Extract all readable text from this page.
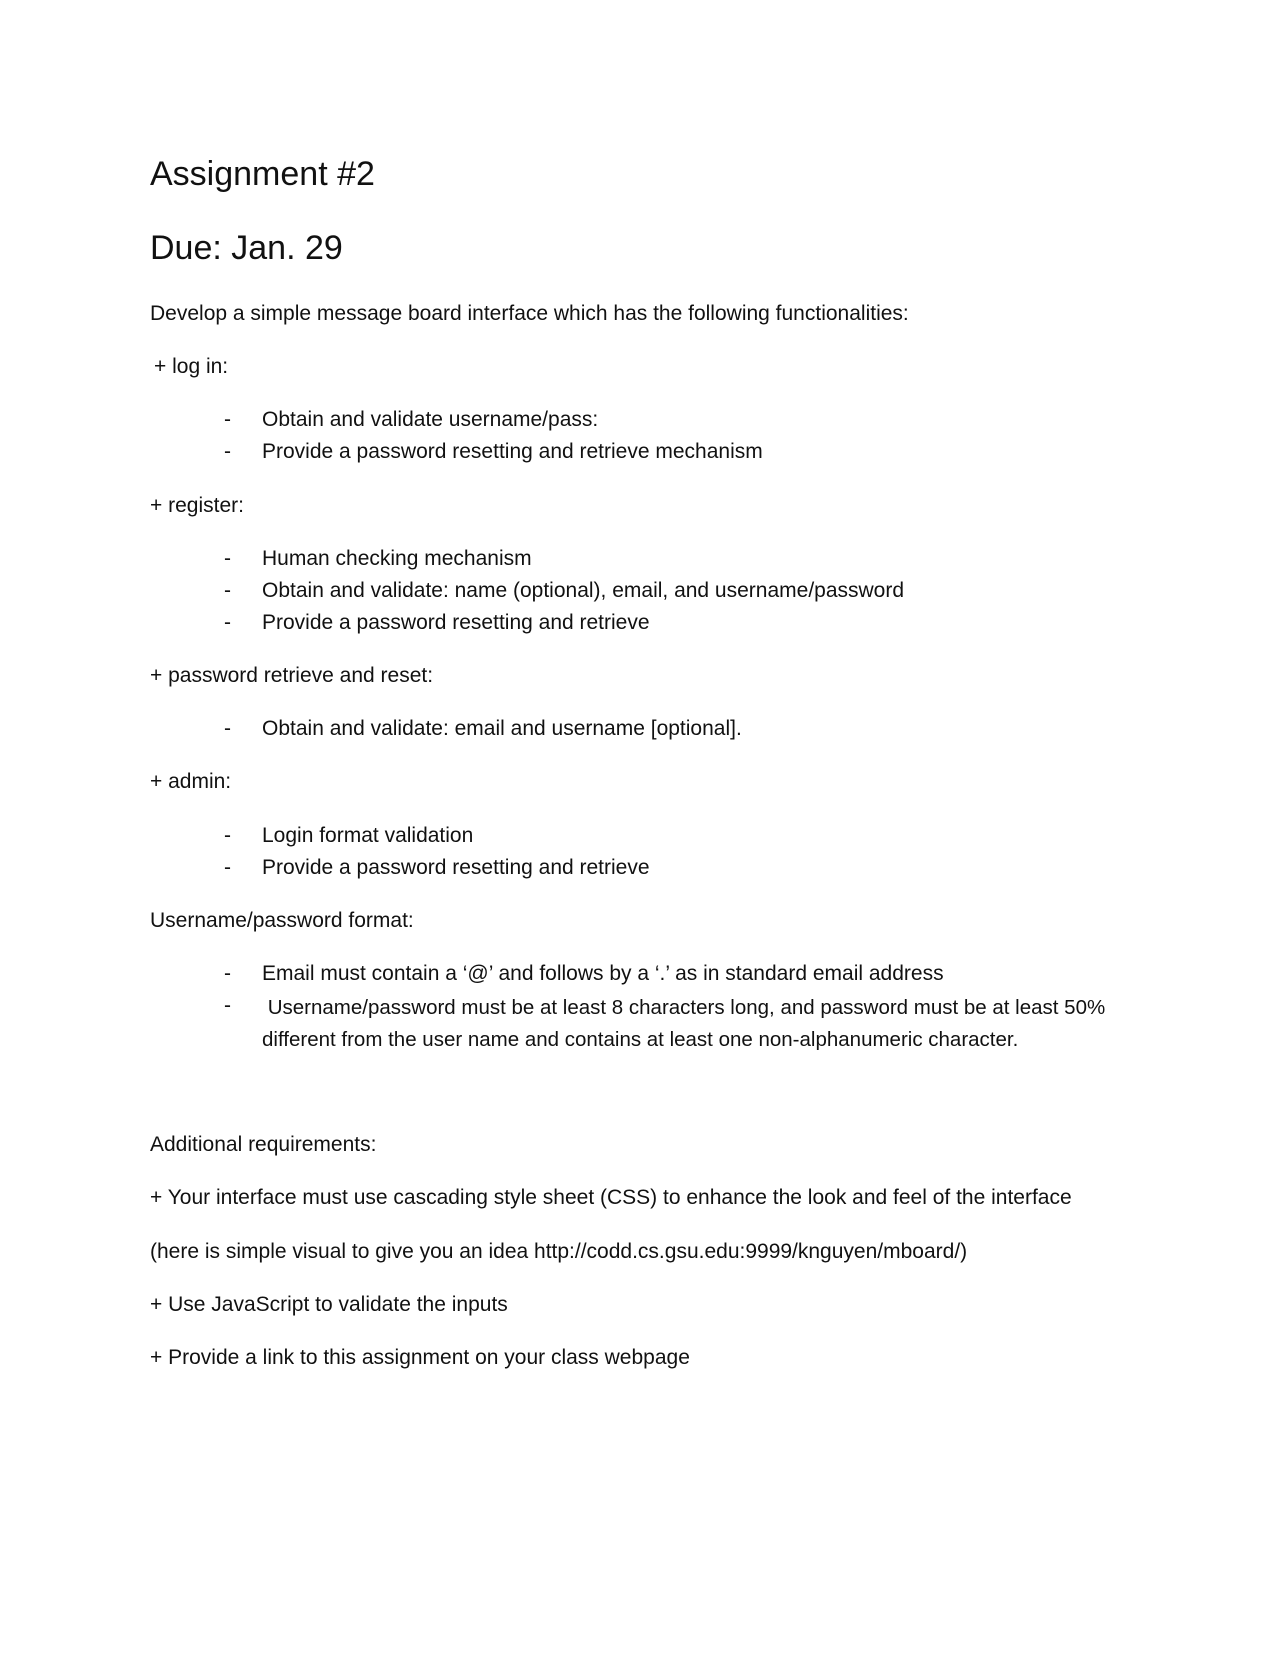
Assignment #2
Due: Jan. 29
Develop a simple message board interface which has the following functionalities:
+ log in:
- Obtain and validate username/pass:
- Provide a password resetting and retrieve mechanism
+ register:
- Human checking mechanism
- Obtain and validate: name (optional), email, and username/password
- Provide a password resetting and retrieve
+ password retrieve and reset:
- Obtain and validate: email and username [optional].
+ admin:
- Login format validation
- Provide a password resetting and retrieve
Username/password format:
- Email must contain a ‘@’ and follows by a ‘.’ as in standard email address
- Username/password must be at least 8 characters long, and password must be at least 50% different from the user name and contains at least one non-alphanumeric character.
Additional requirements:
+ Your interface must use cascading style sheet (CSS) to enhance the look and feel of the interface
(here is simple visual to give you an idea http://codd.cs.gsu.edu:9999/knguyen/mboard/)
+ Use JavaScript to validate the inputs
+ Provide a link to this assignment on your class webpage
